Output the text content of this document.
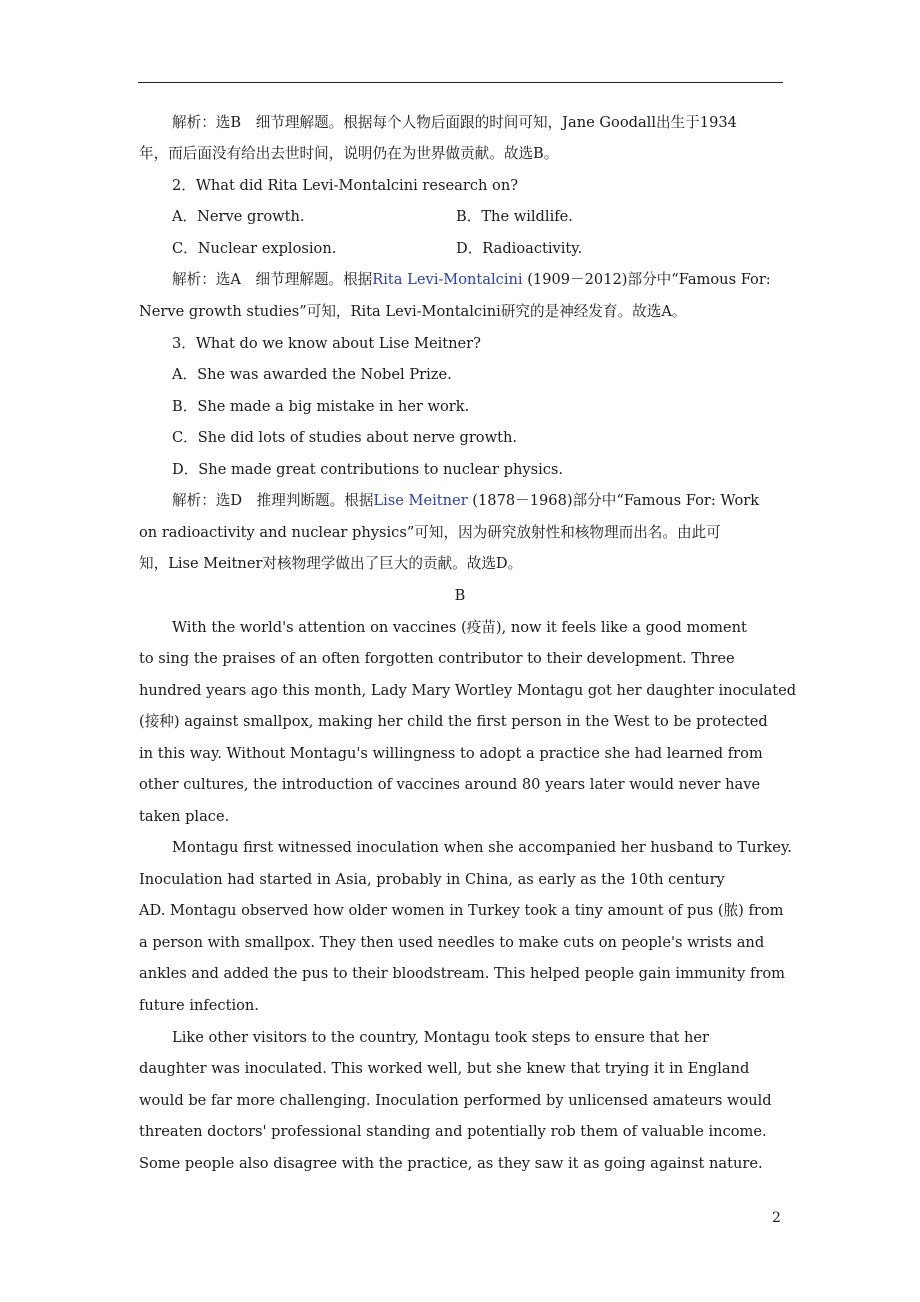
解析：选B　细节理解题。根据每个人物后面跟的时间可知，Jane Goodall出生于1934
年，而后面没有给出去世时间，说明仍在为世界做贡献。故选B。
2．What did Rita Levi-Montalcini research on?
A．Nerve growth.	B．The wildlife.
C．Nuclear explosion.	D．Radioactivity.
解析：选A　细节理解题。根据Rita Levi-Montalcini (1909－2012)部分中“Famous For:
Nerve growth studies”可知，Rita Levi-Montalcini研究的是神经发育。故选A。
3．What do we know about Lise Meitner?
A．She was awarded the Nobel Prize.
B．She made a big mistake in her work.
C．She did lots of studies about nerve growth.
D．She made great contributions to nuclear physics.
解析：选D　推理判断题。根据Lise Meitner (1878－1968)部分中“Famous For: Work
on radioactivity and nuclear physics”可知，因为研究放射性和核物理而出名。由此可
知，Lise Meitner对核物理学做出了巨大的贡献。故选D。
B
With the world's attention on vaccines (疫苗), now it feels like a good moment
to sing the praises of an often forgotten contributor to their development. Three
hundred years ago this month, Lady Mary Wortley Montagu got her daughter inoculated
(接种) against smallpox, making her child the first person in the West to be protected
in this way. Without Montagu's willingness to adopt a practice she had learned from
other cultures, the introduction of vaccines around 80 years later would never have
taken place.
Montagu first witnessed inoculation when she accompanied her husband to Turkey.
Inoculation had started in Asia, probably in China, as early as the 10th century
AD. Montagu observed how older women in Turkey took a tiny amount of pus (脓) from
a person with smallpox. They then used needles to make cuts on people's wrists and
ankles and added the pus to their bloodstream. This helped people gain immunity from
future infection.
Like other visitors to the country, Montagu took steps to ensure that her
daughter was inoculated. This worked well, but she knew that trying it in England
would be far more challenging. Inoculation performed by unlicensed amateurs would
threaten doctors' professional standing and potentially rob them of valuable income.
Some people also disagree with the practice, as they saw it as going against nature.
2
